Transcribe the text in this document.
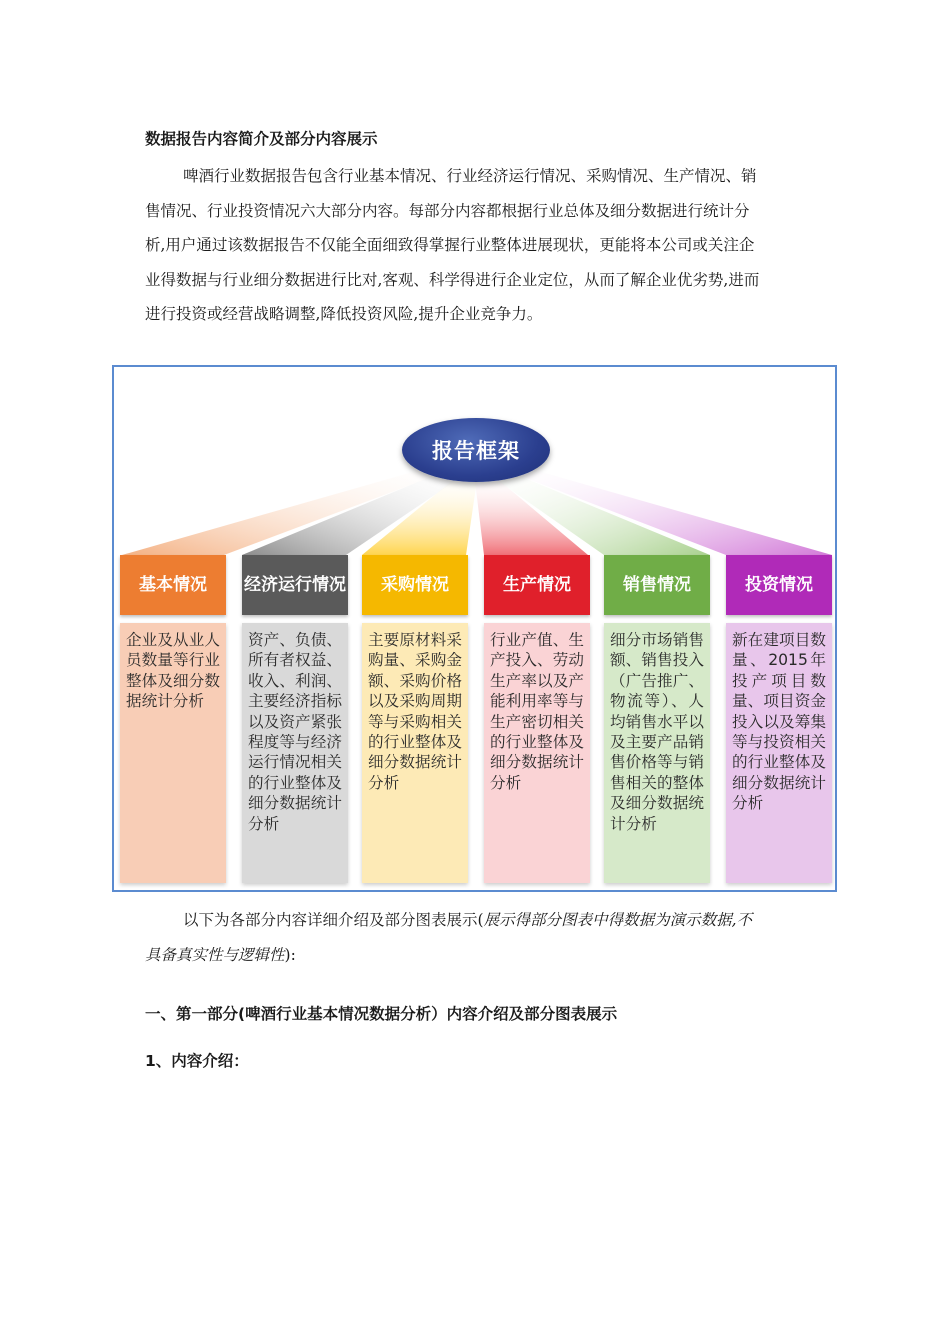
数据报告内容简介及部分内容展示
啤酒行业数据报告包含行业基本情况、行业经济运行情况、采购情况、生产情况、销
售情况、行业投资情况六大部分内容。每部分内容都根据行业总体及细分数据进行统计分
析,用户通过该数据报告不仅能全面细致得掌握行业整体进展现状，更能将本公司或关注企
业得数据与行业细分数据进行比对,客观、科学得进行企业定位，从而了解企业优劣势,进而
进行投资或经营战略调整,降低投资风险,提升企业竞争力。
报告框架
基本情况
企业及从业人员数量等行业整体及细分数据统计分析
经济运行情况
资产、负债、所有者权益、收入、利润、主要经济指标以及资产紧张程度等与经济运行情况相关的行业整体及细分数据统计分析
采购情况
主要原材料采购量、采购金额、采购价格以及采购周期等与采购相关的行业整体及细分数据统计分析
生产情况
行业产值、生产投入、劳动生产率以及产能利用率等与生产密切相关的行业整体及细分数据统计分析
销售情况
细分市场销售额、销售投入（广告推广、物流等）、人均销售水平以及主要产品销售价格等与销售相关的整体及细分数据统计分析
投资情况
新在建项目数量、2015年投产项目数量、项目资金投入以及筹集等与投资相关的行业整体及细分数据统计分析
以下为各部分内容详细介绍及部分图表展示(展示得部分图表中得数据为演示数据,不
具备真实性与逻辑性):
一、第一部分(啤酒行业基本情况数据分析）内容介绍及部分图表展示
1、内容介绍：
